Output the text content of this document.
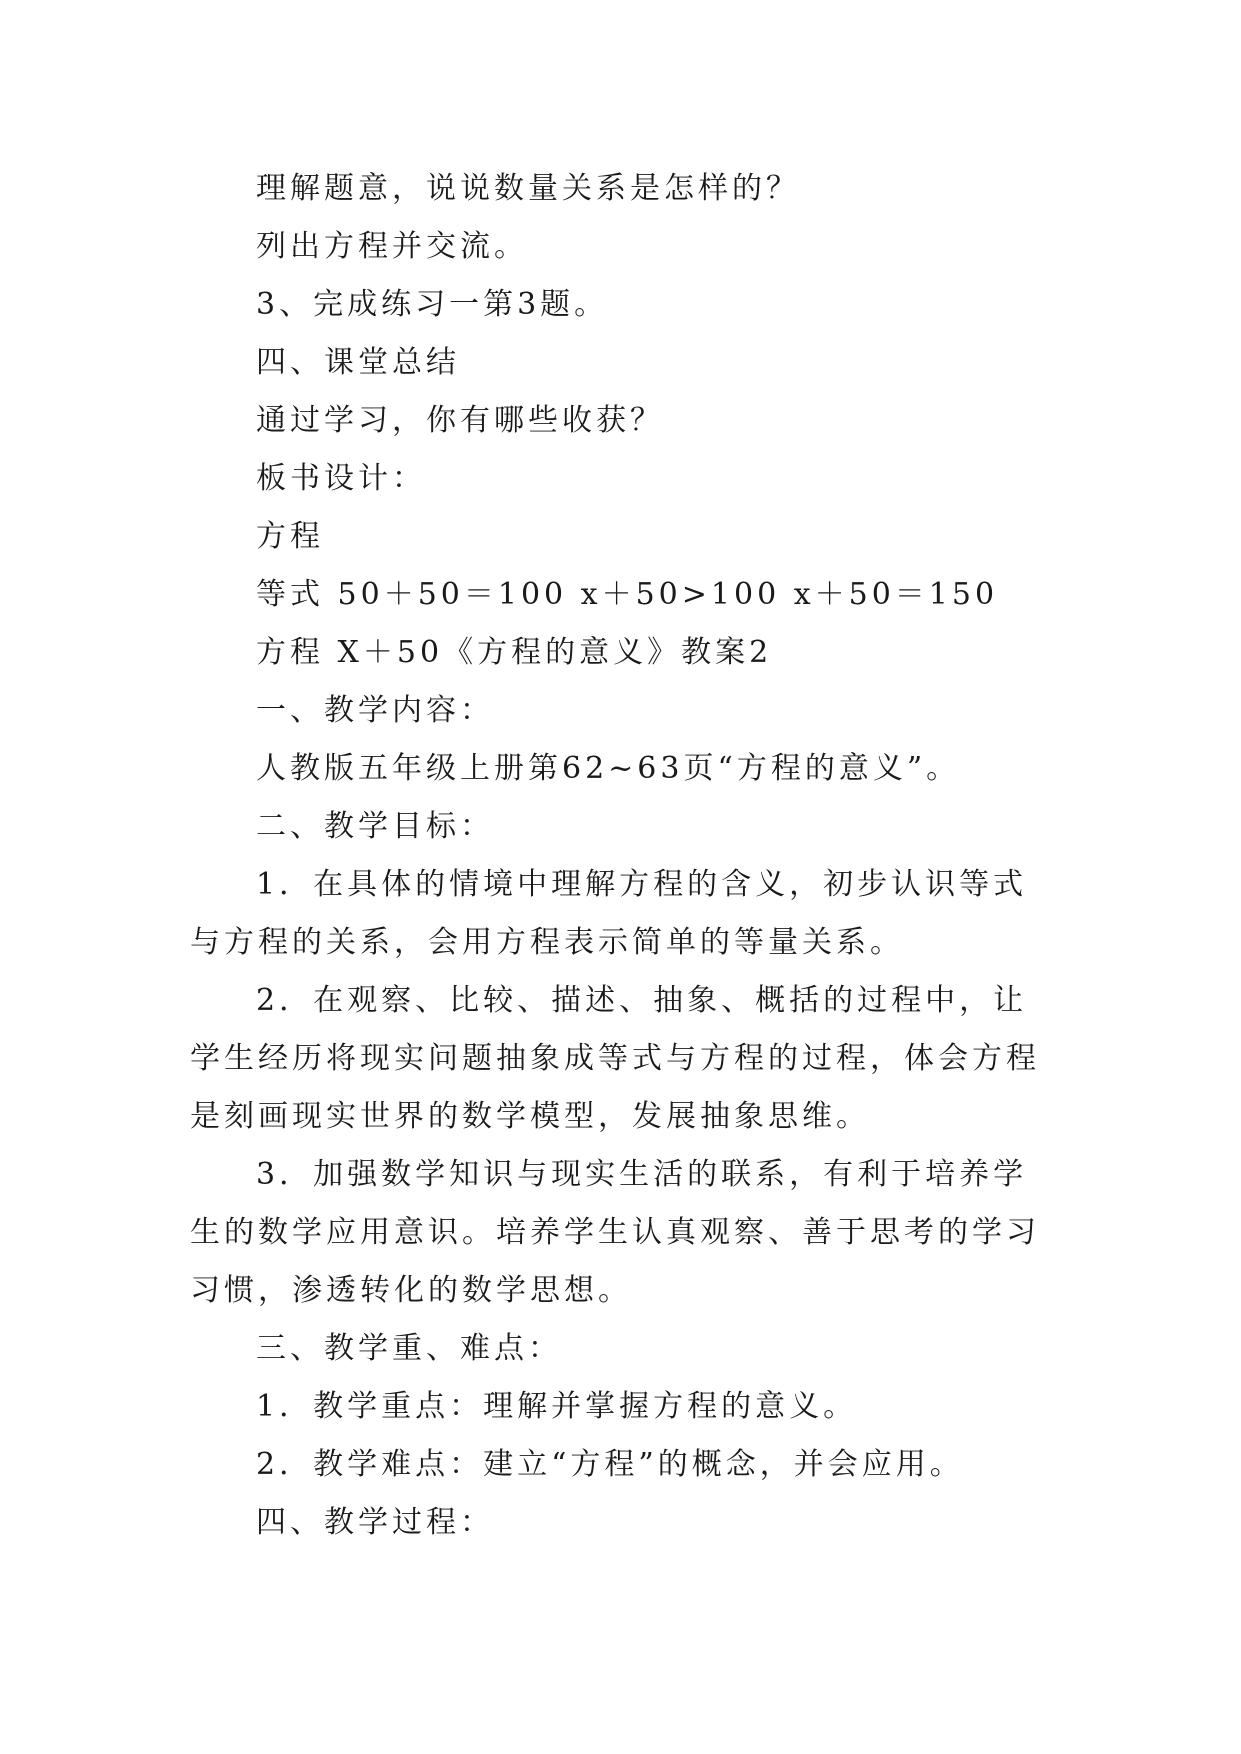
理解题意，说说数量关系是怎样的？
列出方程并交流。
3、完成练习一第3题。
四、课堂总结
通过学习，你有哪些收获？
板书设计：
方程
等式 50＋50＝100 x＋50>100 x＋50＝150
方程 X＋50《方程的意义》教案2
一、教学内容：
人教版五年级上册第62~63页“方程的意义”。
二、教学目标：
1．在具体的情境中理解方程的含义，初步认识等式与方程的关系，会用方程表示简单的等量关系。
2．在观察、比较、描述、抽象、概括的过程中，让学生经历将现实问题抽象成等式与方程的过程，体会方程是刻画现实世界的数学模型，发展抽象思维。
3．加强数学知识与现实生活的联系，有利于培养学生的数学应用意识。培养学生认真观察、善于思考的学习习惯，渗透转化的数学思想。
三、教学重、难点：
1．教学重点：理解并掌握方程的意义。
2．教学难点：建立“方程”的概念，并会应用。
四、教学过程：
